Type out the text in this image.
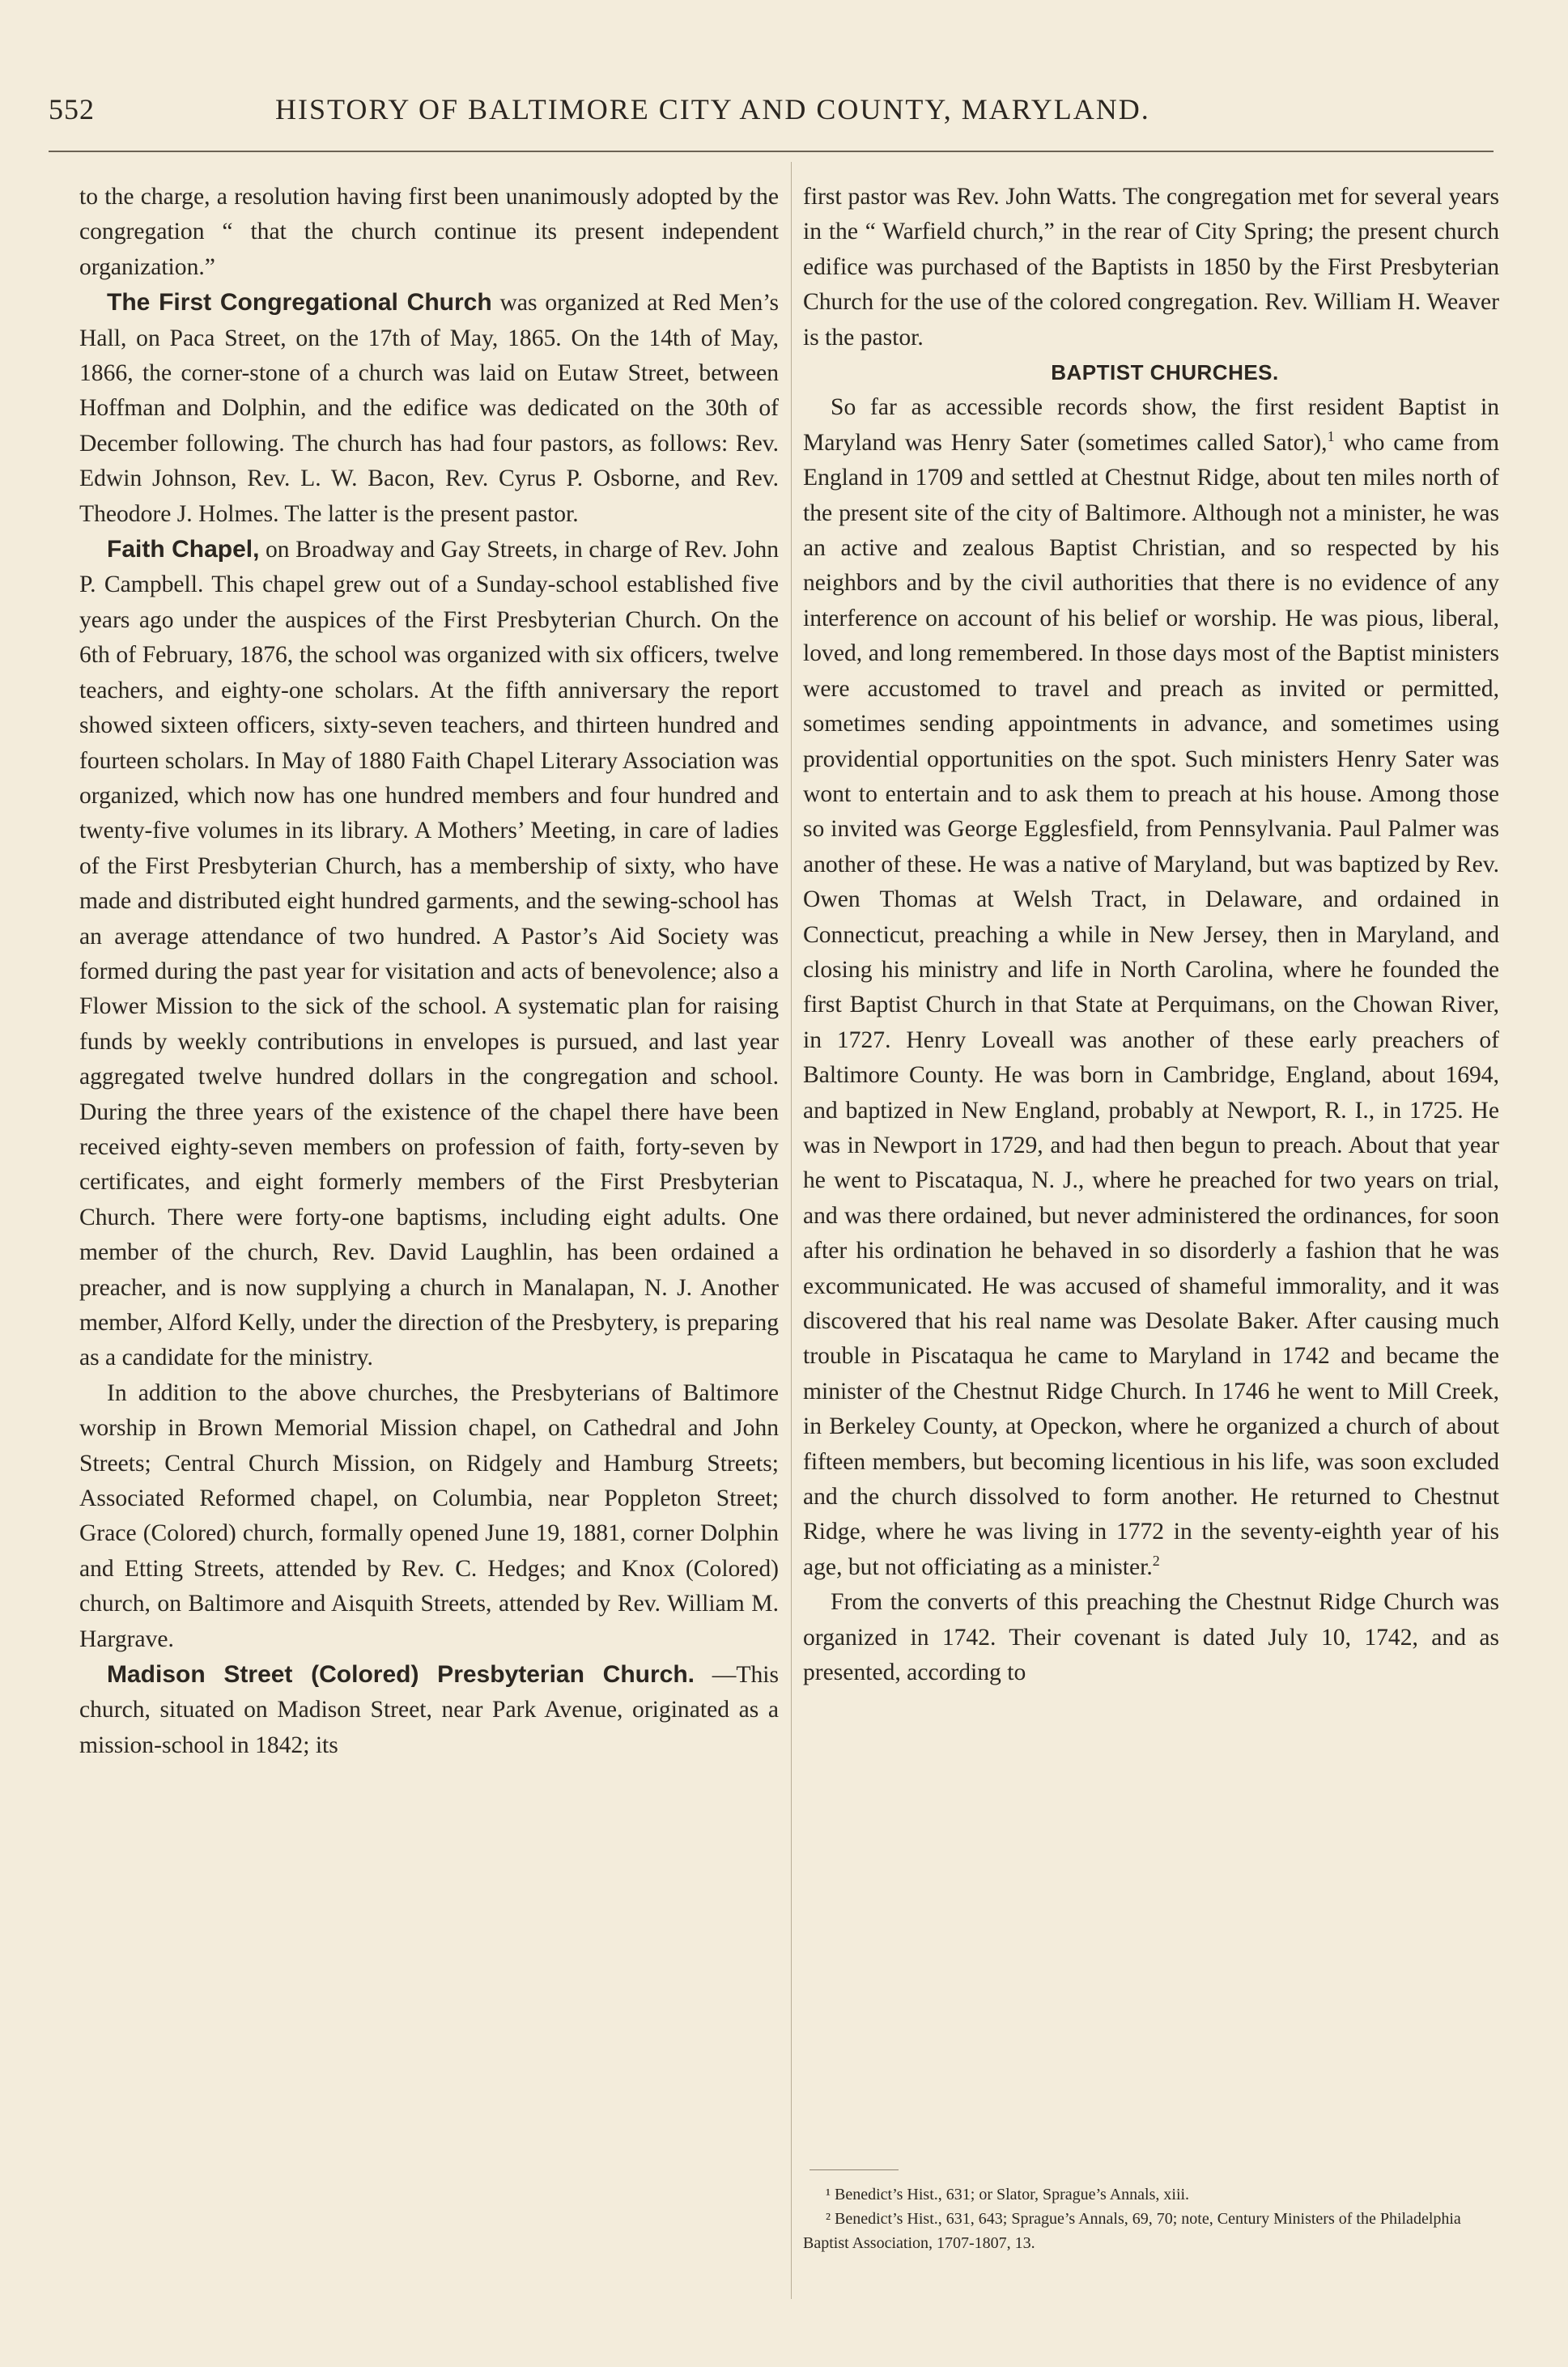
552	HISTORY OF BALTIMORE CITY AND COUNTY, MARYLAND.

to the charge, a resolution having first been unanimously adopted by the congregation “ that the church continue its present independent organization.”

The First Congregational Church was organized at Red Men’s Hall, on Paca Street, on the 17th of May, 1865. On the 14th of May, 1866, the corner-stone of a church was laid on Eutaw Street, between Hoffman and Dolphin, and the edifice was dedicated on the 30th of December following. The church has had four pastors, as follows: Rev. Edwin Johnson, Rev. L. W. Bacon, Rev. Cyrus P. Osborne, and Rev. Theodore J. Holmes. The latter is the present pastor.

Faith Chapel, on Broadway and Gay Streets, in charge of Rev. John P. Campbell. This chapel grew out of a Sunday-school established five years ago under the auspices of the First Presbyterian Church. On the 6th of February, 1876, the school was organized with six officers, twelve teachers, and eighty-one scholars. At the fifth anniversary the report showed sixteen officers, sixty-seven teachers, and thirteen hundred and fourteen scholars. In May of 1880 Faith Chapel Literary Association was organized, which now has one hundred members and four hundred and twenty-five volumes in its library. A Mothers’ Meeting, in care of ladies of the First Presbyterian Church, has a membership of sixty, who have made and distributed eight hundred garments, and the sewing-school has an average attendance of two hundred. A Pastor’s Aid Society was formed during the past year for visitation and acts of benevolence; also a Flower Mission to the sick of the school. A systematic plan for raising funds by weekly contributions in envelopes is pursued, and last year aggregated twelve hundred dollars in the congregation and school. During the three years of the existence of the chapel there have been received eighty-seven members on profession of faith, forty-seven by certificates, and eight formerly members of the First Presbyterian Church. There were forty-one baptisms, including eight adults. One member of the church, Rev. David Laughlin, has been ordained a preacher, and is now supplying a church in Manalapan, N. J. Another member, Alford Kelly, under the direction of the Presbytery, is preparing as a candidate for the ministry.

In addition to the above churches, the Presbyterians of Baltimore worship in Brown Memorial Mission chapel, on Cathedral and John Streets; Central Church Mission, on Ridgely and Hamburg Streets; Associated Reformed chapel, on Columbia, near Poppleton Street; Grace (Colored) church, formally opened June 19, 1881, corner Dolphin and Etting Streets, attended by Rev. C. Hedges; and Knox (Colored) church, on Baltimore and Aisquith Streets, attended by Rev. William M. Hargrave.

Madison Street (Colored) Presbyterian Church. —This church, situated on Madison Street, near Park Avenue, originated as a mission-school in 1842; its

first pastor was Rev. John Watts. The congregation met for several years in the “ Warfield church,” in the rear of City Spring; the present church edifice was purchased of the Baptists in 1850 by the First Presbyterian Church for the use of the colored congregation. Rev. William H. Weaver is the pastor.

BAPTIST CHURCHES.

So far as accessible records show, the first resident Baptist in Maryland was Henry Sater (sometimes called Sator),$^1$ who came from England in 1709 and settled at Chestnut Ridge, about ten miles north of the present site of the city of Baltimore. Although not a minister, he was an active and zealous Baptist Christian, and so respected by his neighbors and by the civil authorities that there is no evidence of any interference on account of his belief or worship. He was pious, liberal, loved, and long remembered. In those days most of the Baptist ministers were accustomed to travel and preach as invited or permitted, sometimes sending appointments in advance, and sometimes using providential opportunities on the spot. Such ministers Henry Sater was wont to entertain and to ask them to preach at his house. Among those so invited was George Egglesfield, from Pennsylvania. Paul Palmer was another of these. He was a native of Maryland, but was baptized by Rev. Owen Thomas at Welsh Tract, in Delaware, and ordained in Connecticut, preaching a while in New Jersey, then in Maryland, and closing his ministry and life in North Carolina, where he founded the first Baptist Church in that State at Perquimans, on the Chowan River, in 1727. Henry Loveall was another of these early preachers of Baltimore County. He was born in Cambridge, England, about 1694, and baptized in New England, probably at Newport, R. I., in 1725. He was in Newport in 1729, and had then begun to preach. About that year he went to Piscataqua, N. J., where he preached for two years on trial, and was there ordained, but never administered the ordinances, for soon after his ordination he behaved in so disorderly a fashion that he was excommunicated. He was accused of shameful immorality, and it was discovered that his real name was Desolate Baker. After causing much trouble in Piscataqua he came to Maryland in 1742 and became the minister of the Chestnut Ridge Church. In 1746 he went to Mill Creek, in Berkeley County, at Opeckon, where he organized a church of about fifteen members, but becoming licentious in his life, was soon excluded and the church dissolved to form another. He returned to Chestnut Ridge, where he was living in 1772 in the seventy-eighth year of his age, but not officiating as a minister.$^2$

From the converts of this preaching the Chestnut Ridge Church was organized in 1742. Their covenant is dated July 10, 1742, and as presented, according to

¹ Benedict’s Hist., 631; or Slator, Sprague’s Annals, xiii.

² Benedict’s Hist., 631, 643; Sprague’s Annals, 69, 70; note, Century Ministers of the Philadelphia Baptist Association, 1707-1807, 13.
